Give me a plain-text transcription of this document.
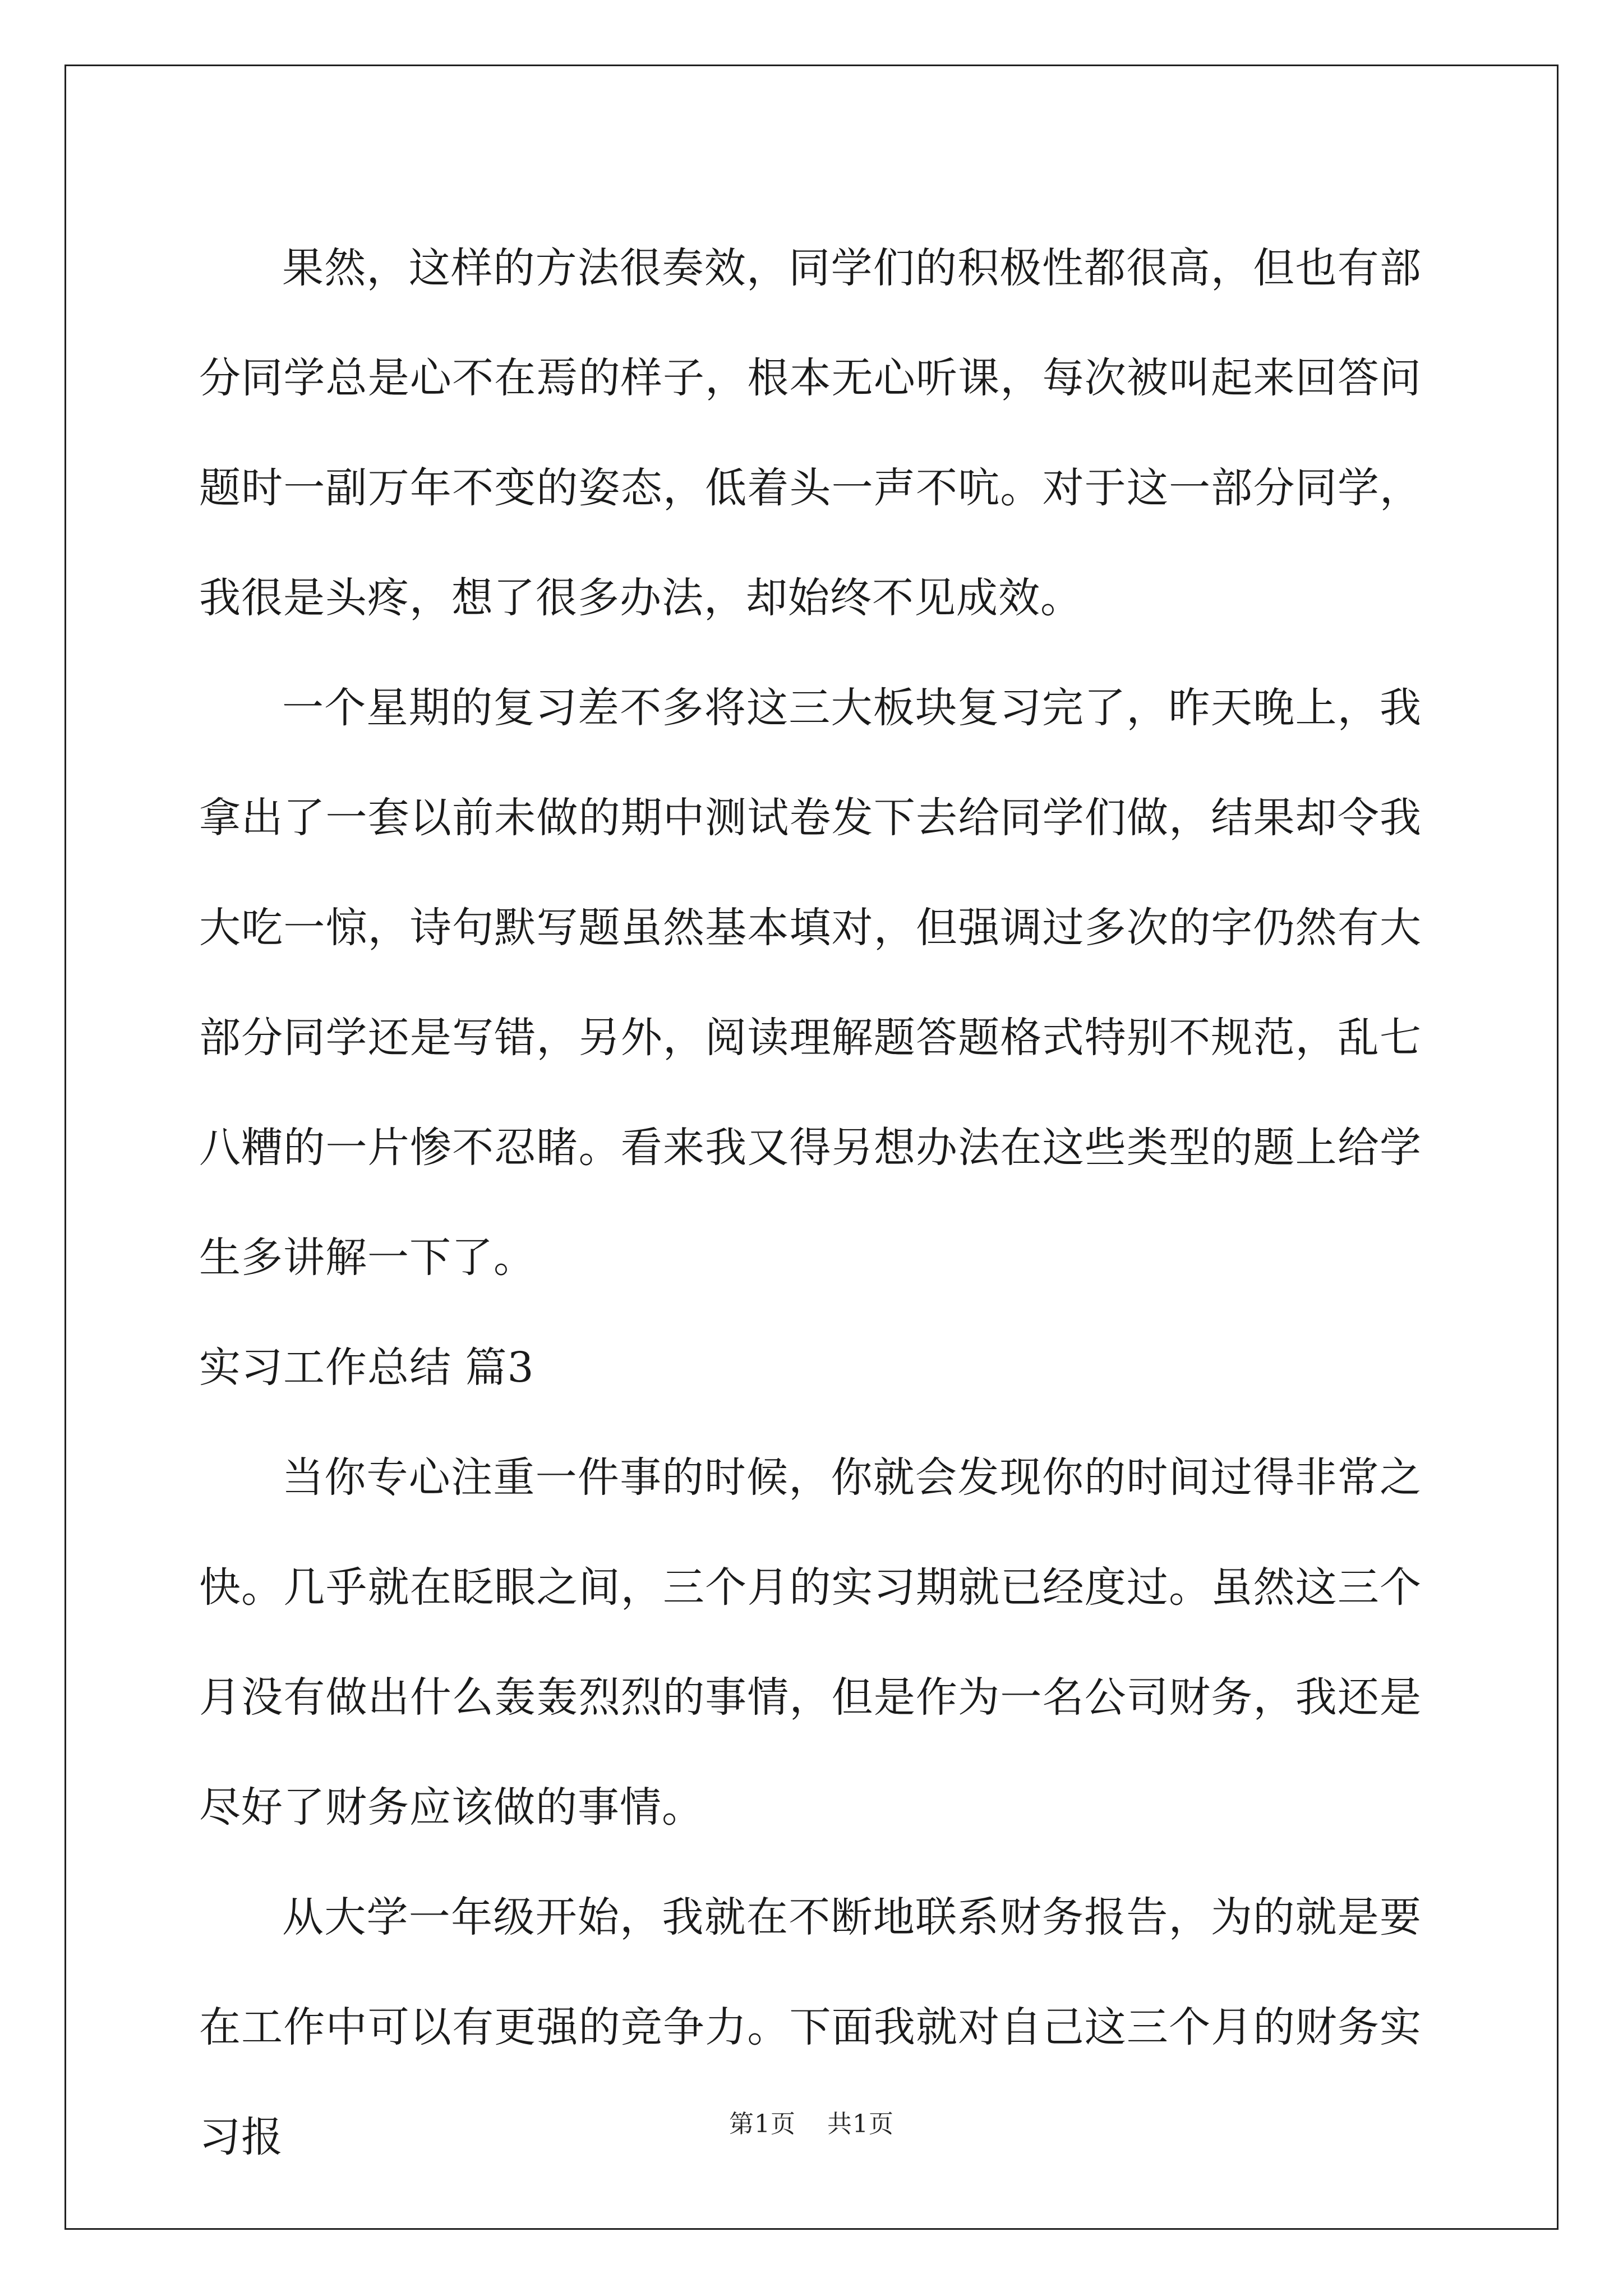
果然，这样的方法很奏效，同学们的积极性都很高，但也有部分同学总是心不在焉的样子，根本无心听课，每次被叫起来回答问题时一副万年不变的姿态，低着头一声不吭。对于这一部分同学，我很是头疼，想了很多办法，却始终不见成效。

一个星期的复习差不多将这三大板块复习完了，昨天晚上，我拿出了一套以前未做的期中测试卷发下去给同学们做，结果却令我大吃一惊，诗句默写题虽然基本填对，但强调过多次的字仍然有大部分同学还是写错，另外，阅读理解题答题格式特别不规范，乱七八糟的一片惨不忍睹。看来我又得另想办法在这些类型的题上给学生多讲解一下了。

实习工作总结 篇3

当你专心注重一件事的时候，你就会发现你的时间过得非常之快。几乎就在眨眼之间，三个月的实习期就已经度过。虽然这三个月没有做出什么轰轰烈烈的事情，但是作为一名公司财务，我还是尽好了财务应该做的事情。

从大学一年级开始，我就在不断地联系财务报告，为的就是要在工作中可以有更强的竞争力。下面我就对自己这三个月的财务实习报	第1页 共1页
